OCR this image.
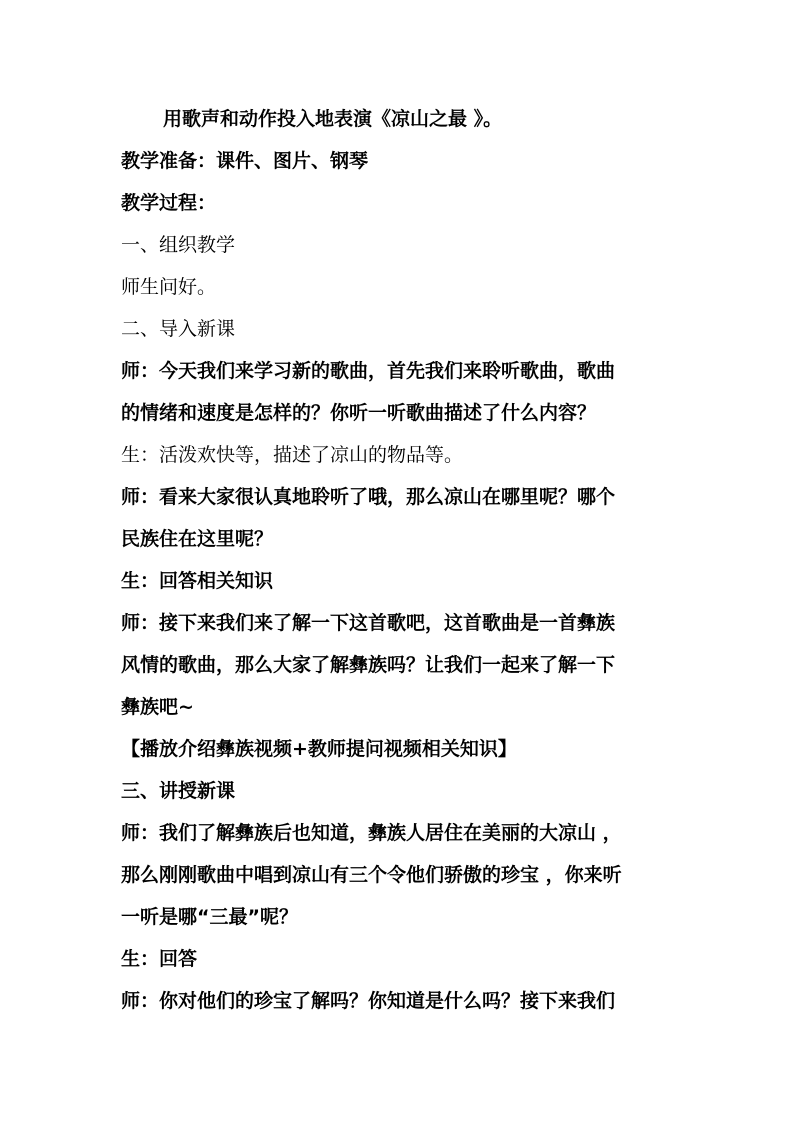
用歌声和动作投入地表演《凉山之最 》。
教学准备：课件、图片、钢琴
教学过程：
一、组织教学
师生问好。
二、导入新课
师：今天我们来学习新的歌曲，首先我们来聆听歌曲，歌曲
的情绪和速度是怎样的？你听一听歌曲描述了什么内容？
生：活泼欢快等，描述了凉山的物品等。
师：看来大家很认真地聆听了哦，那么凉山在哪里呢？哪个
民族住在这里呢？
生：回答相关知识
师：接下来我们来了解一下这首歌吧，这首歌曲是一首彝族
风情的歌曲，那么大家了解彝族吗？让我们一起来了解一下
彝族吧~
【播放介绍彝族视频+教师提问视频相关知识】
三、讲授新课
师：我们了解彝族后也知道，彝族人居住在美丽的大凉山 ，
那么刚刚歌曲中唱到凉山有三个令他们骄傲的珍宝 ，你来听
一听是哪“三最”呢？
生：回答
师：你对他们的珍宝了解吗？你知道是什么吗？接下来我们
